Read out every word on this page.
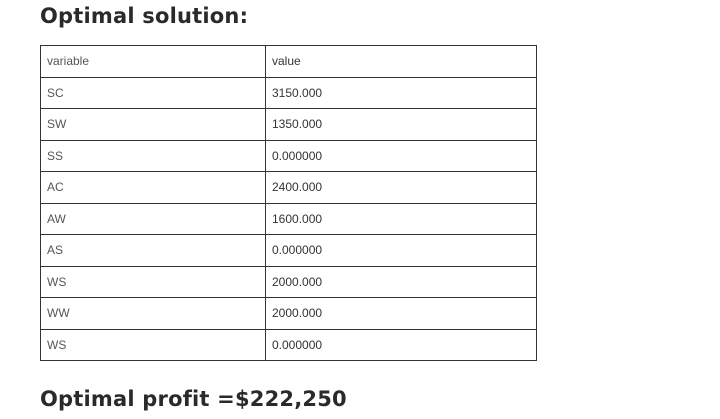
Optimal solution:
variable	value
SC	3150.000
SW	1350.000
SS	0.000000
AC	2400.000
AW	1600.000
AS	0.000000
WS	2000.000
WW	2000.000
WS	0.000000
Optimal profit =$222,250
